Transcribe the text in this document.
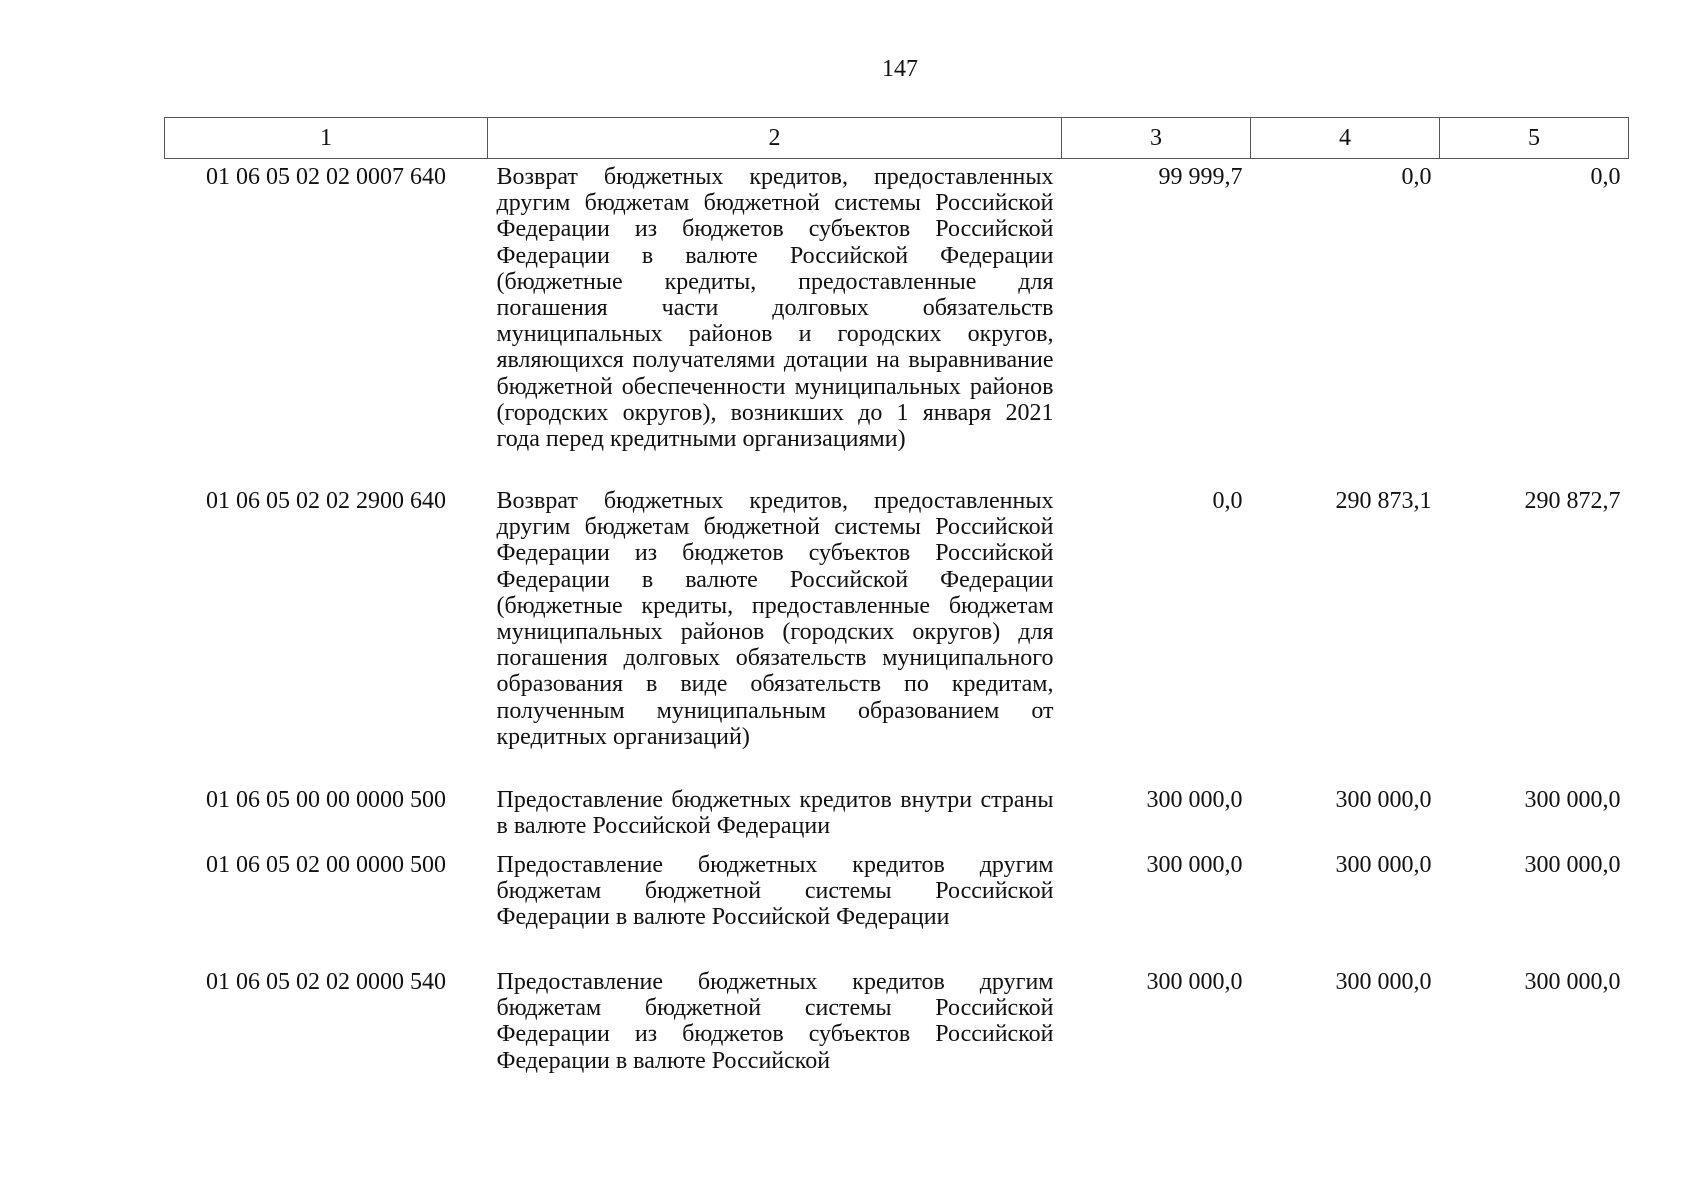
147
1	2	3	4	5
01 06 05 02 02 0007 640	Возврат бюджетных кредитов, предоставленных другим бюджетам бюджетной системы Российской Федерации из бюджетов субъектов Российской Федерации в валюте Российской Федерации (бюджетные кредиты, предоставленные для погашения части долговых обязательств муниципальных районов и городских округов, являющихся получателями дотации на выравнивание бюджетной обеспеченности муниципальных районов (городских округов), возникших до 1 января 2021 года перед кредитными организациями)	99 999,7	0,0	0,0
01 06 05 02 02 2900 640	Возврат бюджетных кредитов, предоставленных другим бюджетам бюджетной системы Российской Федерации из бюджетов субъектов Российской Федерации в валюте Российской Федерации (бюджетные кредиты, предоставленные бюджетам муниципальных районов (городских округов) для погашения долговых обязательств муниципального образования в виде обязательств по кредитам, полученным муниципальным образованием от кредитных организаций)	0,0	290 873,1	290 872,7
01 06 05 00 00 0000 500	Предоставление бюджетных кредитов внутри страны в валюте Российской Федерации	300 000,0	300 000,0	300 000,0
01 06 05 02 00 0000 500	Предоставление бюджетных кредитов другим бюджетам бюджетной системы Российской Федерации в валюте Российской Федерации	300 000,0	300 000,0	300 000,0
01 06 05 02 02 0000 540	Предоставление бюджетных кредитов другим бюджетам бюджетной системы Российской Федерации из бюджетов субъектов Российской Федерации в валюте Российской	300 000,0	300 000,0	300 000,0
